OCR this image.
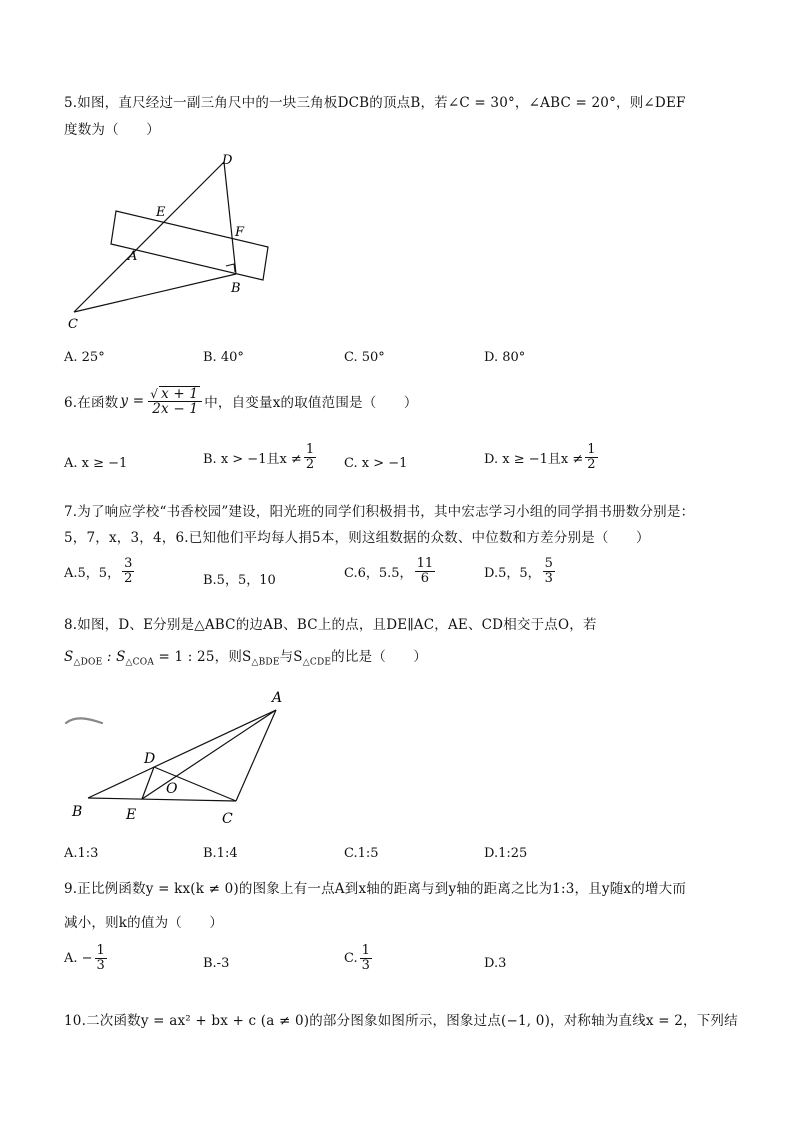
5.如图，直尺经过一副三角尺中的一块三角板DCB的顶点B，若∠C = 30°，∠ABC = 20°，则∠DEF
度数为（　　）
D
E
F
A
B
C
A. 25°	B. 40°	C. 50°	D. 80°
6.在函数 $y = \frac{√ x + 1}{2x - 1}$ 中，自变量x的取值范围是（　　）
A. x ≥ −1	B. x > −1且$x \ne \frac{1}{2} C$. x > −1	D. x ≥ −1且$x \ne \frac{1}{2}$
7.为了响应学校“书香校园”建设，阳光班的同学们积极捐书，其中宏志学习小组的同学捐书册数分别是：
5，7，x，3，4，6.已知他们平均每人捐5本，则这组数据的众数、中位数和方差分别是（　　）
A.5，5， $\frac{3}{2}$	B.5，5，10	C.6，5.5， $\frac{11}{6}$	D.5，5， $\frac{5}{3}$
8.如图，D、E分别是△ABC的边AB、BC上的点，且DE∥AC，AE、CD相交于点O，若
$S_{\triangle DOE}$ : $S_{\triangle COA} = 1$ : 25，则$S_{\triangle BDE}$与$S_{\triangle CDE}$的比是（　　）
A
D
O
B	E	C
A.1:3	B.1:4	C.1:5	D.1:25
9.正比例函数y = kx(k ≠ 0)的图象上有一点A到x轴的距离与到y轴的距离之比为1:3，且y随x的增大而
减小，则k的值为（　　）
A. − $\frac{1}{3}$	B.-3	C. $\frac{1}{3}$	D.3
10.二次函数y = ax² + bx + c (a ≠ 0)的部分图象如图所示，图象过点(−1, 0)，对称轴为直线x = 2，下列结
